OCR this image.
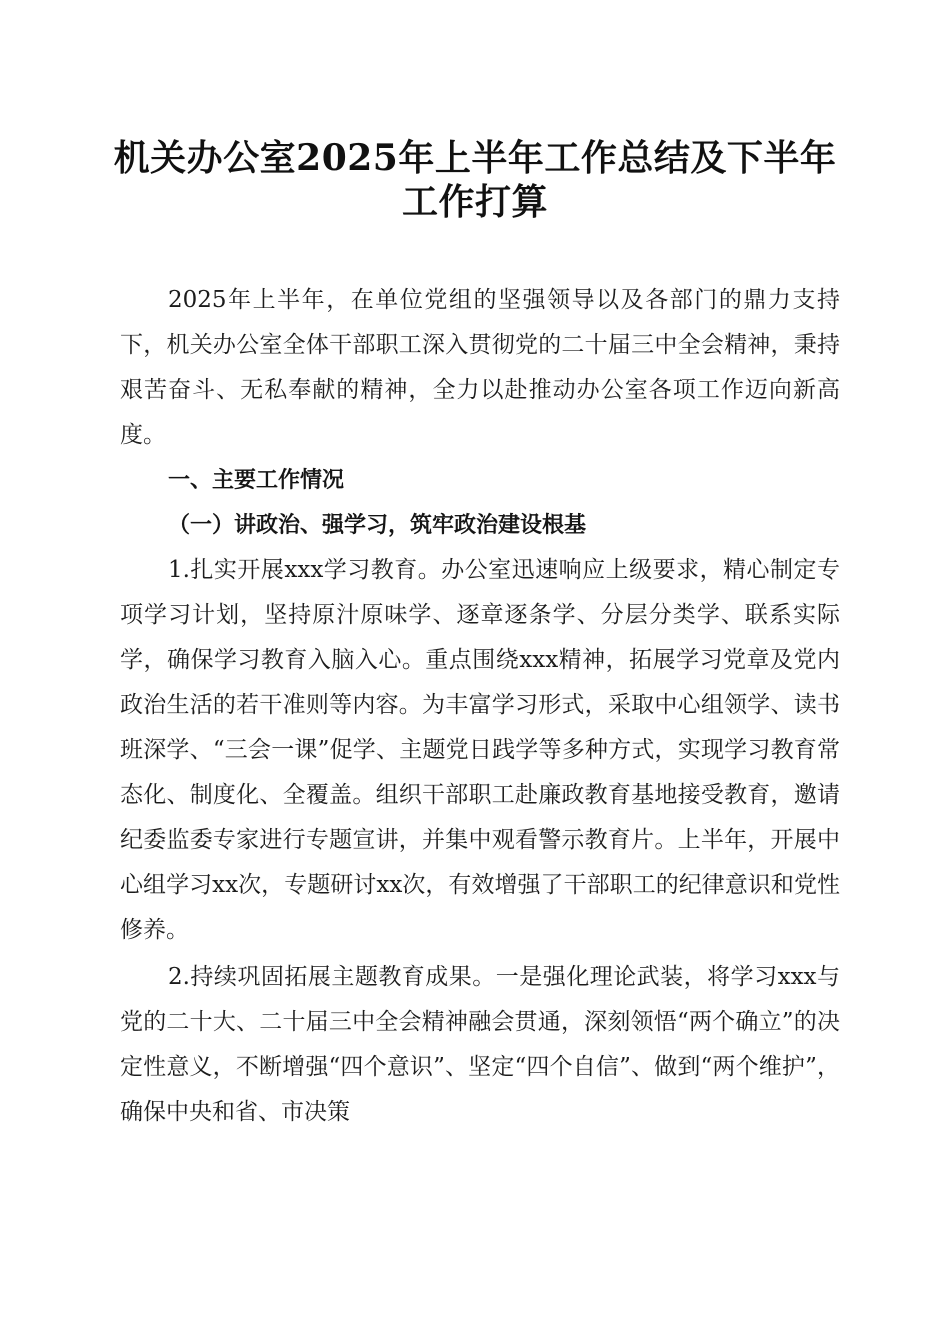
机关办公室2025年上半年工作总结及下半年
工作打算

2025年上半年，在单位党组的坚强领导以及各部门的鼎力支持下，机关办公室全体干部职工深入贯彻党的二十届三中全会精神，秉持艰苦奋斗、无私奉献的精神，全力以赴推动办公室各项工作迈向新高度。

一、主要工作情况

（一）讲政治、强学习，筑牢政治建设根基

1.扎实开展xxx学习教育。办公室迅速响应上级要求，精心制定专项学习计划，坚持原汁原味学、逐章逐条学、分层分类学、联系实际学，确保学习教育入脑入心。重点围绕xxx精神，拓展学习党章及党内政治生活的若干准则等内容。为丰富学习形式，采取中心组领学、读书班深学、“三会一课”促学、主题党日践学等多种方式，实现学习教育常态化、制度化、全覆盖。组织干部职工赴廉政教育基地接受教育，邀请纪委监委专家进行专题宣讲，并集中观看警示教育片。上半年，开展中心组学习xx次，专题研讨xx次，有效增强了干部职工的纪律意识和党性修养。

2.持续巩固拓展主题教育成果。一是强化理论武装，将学习xxx与党的二十大、二十届三中全会精神融会贯通，深刻领悟“两个确立”的决定性意义，不断增强“四个意识”、坚定“四个自信”、做到“两个维护”，确保中央和省、市决策
